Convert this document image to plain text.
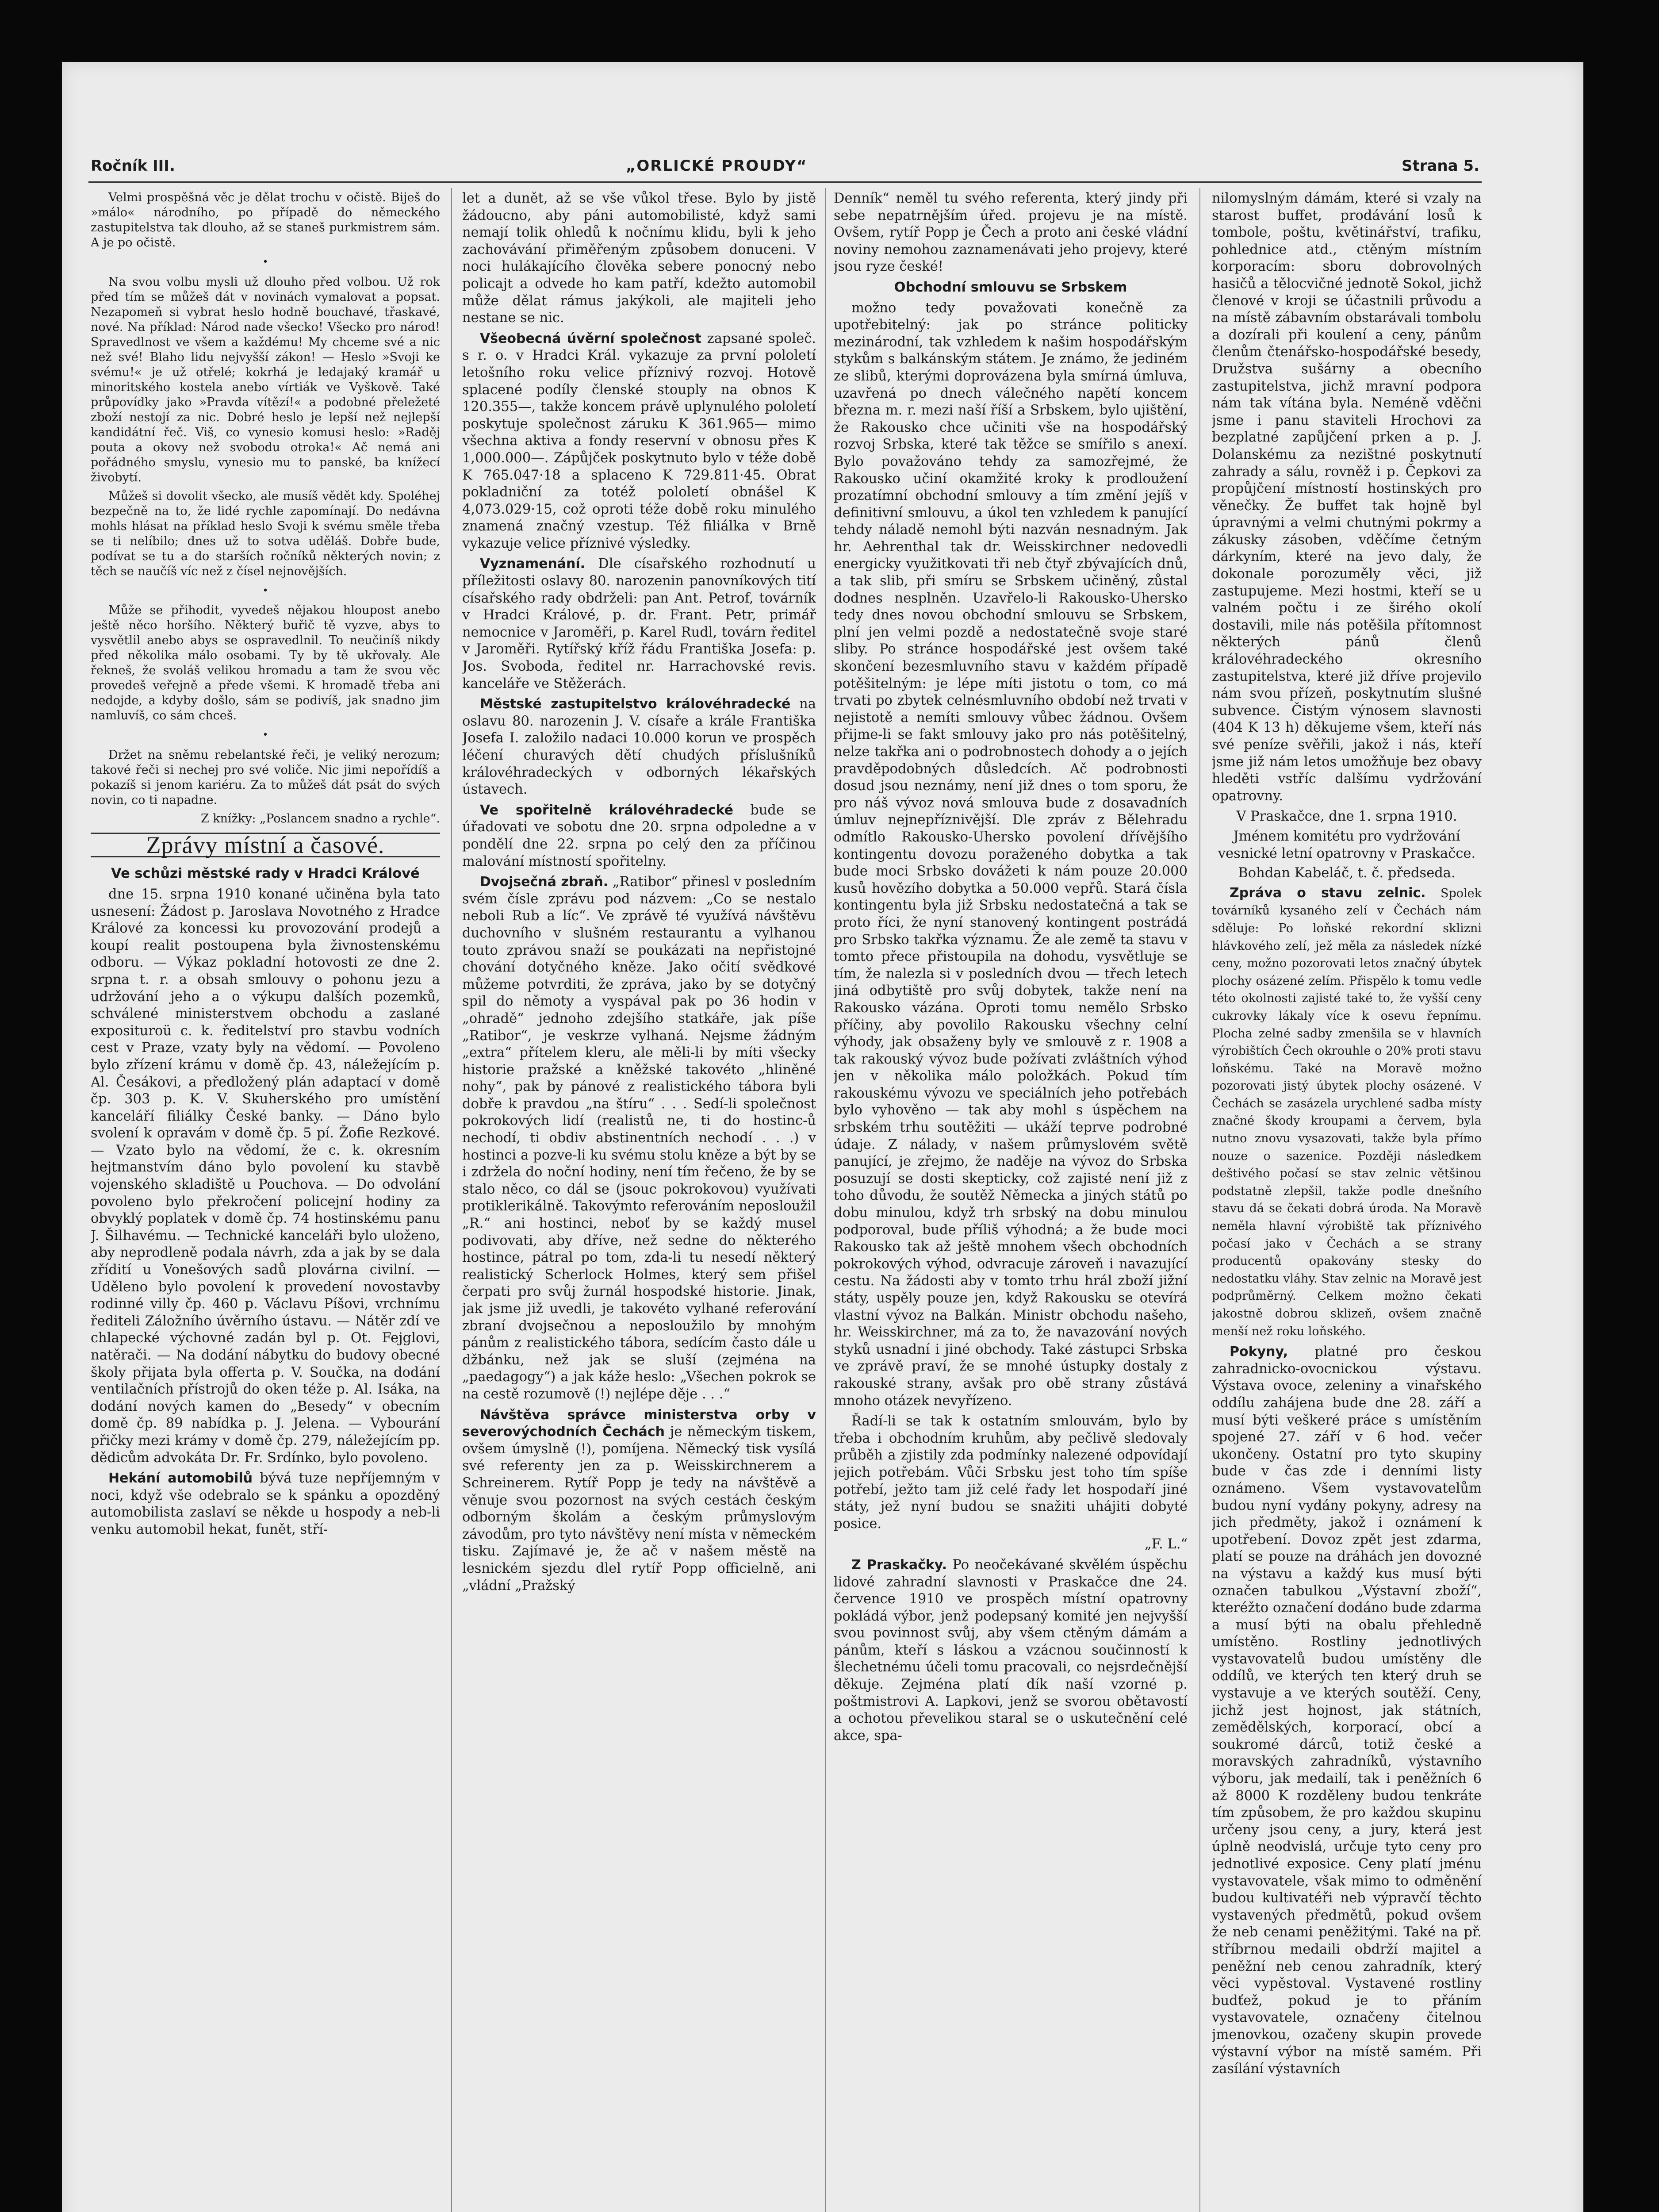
Ročník III.	„ORLICKÉ PROUDY“	Strana 5.

Velmi prospěšná věc je dělat trochu v očistě. Biješ do »málo« národního, po případě do německého zastupitelstva tak dlouho, až se staneš purkmistrem sám. A je po očistě.

•

Na svou volbu mysli už dlouho před volbou. Už rok před tím se můžeš dát v novinách vymalovat a popsat. Nezapomeň si vybrat heslo hodně bouchavé, třaskavé, nové. Na příklad: Národ nade všecko! Všecko pro národ! Spravedlnost ve všem a každému! My chceme své a nic než své! Blaho lidu nejvyšší zákon! — Heslo »Svoji ke svému!« je už otřelé; kokrhá je ledajaký kramář u minoritského kostela anebo vírtiák ve Vyškově. Také průpovídky jako »Pravda vítězí!« a podobné přeležeté zboží nestojí za nic. Dobré heslo je lepší než nejlepší kandidátní řeč. Viš, co vynesio komusi heslo: »Raděj pouta a okovy než svobodu otroka!« Ač nemá ani pořádného smyslu, vynesio mu to panské, ba knížecí živobytí.

Můžeš si dovolit všecko, ale musíš vědět kdy. Spoléhej bezpečně na to, že lidé rychle zapomínají. Do nedávna mohls hlásat na příklad heslo Svoji k svému směle třeba se ti nelíbilo; dnes už to sotva uděláš. Dobře bude, podívat se tu a do starších ročníků některých novin; z těch se naučíš víc než z čísel nejnovějších.

•

Může se přihodit, vyvedeš nějakou hloupost anebo ještě něco horšího. Některý buřič tě vyzve, abys to vysvětlil anebo abys se ospravedlnil. To neučiníš nikdy před několika málo osobami. Ty by tě ukřovaly. Ale řekneš, že svoláš velikou hromadu a tam že svou věc provedeš veřejně a přede všemi. K hromadě třeba ani nedojde, a kdyby došlo, sám se podivíš, jak snadno jim namluvíš, co sám chceš.

•

Držet na sněmu rebelantské řeči, je veliký nerozum; takové řeči si nechej pro své voliče. Nic jimi nepořídíš a pokazíš si jenom kariéru. Za to můžeš dát psát do svých novin, co ti napadne.

Z knížky: „Poslancem snadno a rychle“.

Zprávy místní a časové.

Ve schůzi městské rady v Hradci Králové

dne 15. srpna 1910 konané učiněna byla tato usnesení: Žádost p. Jaroslava Novotného z Hradce Králové za koncessi ku provozování prodejů a koupí realit postoupena byla živnostenskému odboru. — Výkaz pokladní hotovosti ze dne 2. srpna t. r. a obsah smlouvy o pohonu jezu a udržování jeho a o výkupu dalších pozemků, schválené ministerstvem obchodu a zaslané exposituroü c. k. ředitelství pro stavbu vodních cest v Praze, vzaty byly na vědomí. — Povoleno bylo zřízení krámu v domě čp. 43, náležejícím p. Al. Česákovi, a předložený plán adaptací v domě čp. 303 p. K. V. Skuherského pro umístění kanceláří filiálky České banky. — Dáno bylo svolení k opravám v domě čp. 5 pí. Žofie Rezkové. — Vzato bylo na vědomí, že c. k. okresním hejtmanstvím dáno bylo povolení ku stavbě vojenského skladiště u Pouchova. — Do odvolání povoleno bylo překročení policejní hodiny za obvyklý poplatek v domě čp. 74 hostinskému panu J. Šilhavému. — Technické kanceláři bylo uloženo, aby neprodleně podala návrh, zda a jak by se dala zřídití u Vonešových sadů plovárna civilní. — Uděleno bylo povolení k provedení novostavby rodinné villy čp. 460 p. Václavu Píšovi, vrchnímu řediteli Záložního úvěrního ústavu. — Nátěr zdí ve chlapecké výchovné zadán byl p. Ot. Fejglovi, natěrači. — Na dodání nábytku do budovy obecné školy přijata byla offerta p. V. Součka, na dodání ventilačních přístrojů do oken téže p. Al. Isáka, na dodání nových kamen do „Besedy“ v obecním domě čp. 89 nabídka p. J. Jelena. — Vybourání přičky mezi krámy v domě čp. 279, náležejícím pp. dědicům advokáta Dr. Fr. Srdínko, bylo povoleno.

Hekání automobilů bývá tuze nepříjemným v noci, když vše odebralo se k spánku a opozděný automobilista zaslaví se někde u hospody a neb-li venku automobil hekat, funět, stří-

let a dunět, až se vše vůkol třese. Bylo by jistě žádoucno, aby páni automobilisté, když sami nemají tolik ohledů k nočnímu klidu, byli k jeho zachovávání přiměřeným způsobem donuceni. V noci hulákajícího člověka sebere ponocný nebo policajt a odvede ho kam patří, kdežto automobil může dělat rámus jakýkoli, ale majiteli jeho nestane se nic.

Všeobecná úvěrní společnost zapsané společ. s r. o. v Hradci Král. vykazuje za první pololetí letošního roku velice příznivý rozvoj. Hotově splacené podíly členské stouply na obnos K 120.355—, takže koncem právě uplynulého pololetí poskytuje společnost záruku K 361.965— mimo všechna aktiva a fondy reservní v obnosu přes K 1,000.000—. Zápůjček poskytnuto bylo v téže době K 765.047·18 a splaceno K 729.811·45. Obrat pokladniční za totéž pololetí obnášel K 4,073.029·15, což oproti téže době roku minulého znamená značný vzestup. Též filiálka v Brně vykazuje velice příznivé výsledky.

Vyznamenání. Dle císařského rozhodnutí u příležitosti oslavy 80. narozenin panovníkových tití císařského rady obdrželi: pan Ant. Petrof, továrník v Hradci Králové, p. dr. Frant. Petr, primář nemocnice v Jaroměři, p. Karel Rudl, továrn ředitel v Jaroměři. Rytířský kříž řádu Františka Josefa: p. Jos. Svoboda, ředitel nr. Harrachovské revis. kanceláře ve Stěžerách.

Městské zastupitelstvo královéhradecké na oslavu 80. narozenin J. V. císaře a krále Františka Josefa I. založilo nadaci 10.000 korun ve prospěch léčení churavých dětí chudých příslušníků královéhradeckých v odborných lékařských ústavech.

Ve spořitelně královéhradecké bude se úřadovati ve sobotu dne 20. srpna odpoledne a v pondělí dne 22. srpna po celý den za příčinou malování místností spořitelny.

Dvojsečná zbraň. „Ratibor“ přinesl v posledním svém čísle zprávu pod názvem: „Co se nestalo neboli Rub a líc“. Ve zprávě té využívá návštěvu duchovního v slušném restaurantu a vylhanou touto zprávou snaží se poukázati na nepřistojné chování dotyčného kněze. Jako očití svědkové můžeme potvrditi, že zpráva, jako by se dotyčný spil do němoty a vyspával pak po 36 hodin v „ohradě“ jednoho zdejšího statkáře, jak píše „Ratibor“, je veskrze vylhaná. Nejsme žádným „extra“ přítelem kleru, ale měli-li by míti všecky historie pražské a kněžské takovéto „hliněné nohy“, pak by pánové z realistického tábora byli dobře k pravdou „na štíru“ . . . Sedí-li společnost pokrokových lidí (realistů ne, ti do hostinc-ů nechodí, ti obdiv abstinentních nechodí . . .) v hostinci a pozve-li ku svému stolu kněze a být by se i zdržela do noční hodiny, není tím řečeno, že by se stalo něco, co dál se (jsouc pokrokovou) využívati protiklerikálně. Takovýmto referováním neposloužil „R.“ ani hostinci, neboť by se každý musel podivovati, aby dříve, než sedne do některého hostince, pátral po tom, zda-li tu nesedí některý realistický Scherlock Holmes, který sem přišel čerpati pro svůj žurnál hospodské historie. Jinak, jak jsme již uvedli, je takovéto vylhané referování zbraní dvojsečnou a neposloužilo by mnohým pánům z realistického tábora, sedícím často dále u džbánku, než jak se sluší (zejména na „paedagogy“) a jak káže heslo: „Všechen pokrok se na cestě rozumově (!) nejlépe děje . . .“

Návštěva správce ministerstva orby v severovýchodních Čechách je německým tiskem, ovšem úmyslně (!), pomíjena. Německý tisk vysílá své referenty jen za p. Weisskirchnerem a Schreinerem. Rytíř Popp je tedy na návštěvě a věnuje svou pozornost na svých cestách českým odborným školám a českým průmyslovým závodům, pro tyto návštěvy není místa v německém tisku. Zajímavé je, že ač v našem městě na lesnickém sjezdu dlel rytíř Popp officielně, ani „vládní „Pražský

Denník“ neměl tu svého referenta, který jindy při sebe nepatrnějším úřed. projevu je na místě. Ovšem, rytíř Popp je Čech a proto ani české vládní noviny nemohou zaznamenávati jeho projevy, které jsou ryze české!

Obchodní smlouvu se Srbskem

možno tedy považovati konečně za upotřebitelný: jak po stránce politicky mezinárodní, tak vzhledem k našim hospodářským stykům s balkánským státem. Je známo, že jediném ze slibů, kterými doprovázena byla smírná úmluva, uzavřená po dnech válečného napětí koncem března m. r. mezi naší říší a Srbskem, bylo ujištění, že Rakousko chce učiniti vše na hospodářský rozvoj Srbska, které tak těžce se smířilo s anexí. Bylo považováno tehdy za samozřejmé, že Rakousko učiní okamžité kroky k prodloužení prozatímní obchodní smlouvy a tím změní jejíš v definitivní smlouvu, a úkol ten vzhledem k panující tehdy náladě nemohl býti nazván nesnadným. Jak hr. Aehrenthal tak dr. Weisskirchner nedovedli energicky využitkovati tři neb čtyř zbývajících dnů, a tak slib, při smíru se Srbskem učiněný, zůstal dodnes nesplněn. Uzavřelo-li Rakousko-Uhersko tedy dnes novou obchodní smlouvu se Srbskem, plní jen velmi pozdě a nedostatečně svoje staré sliby. Po stránce hospodářské jest ovšem také skončení bezesmluvního stavu v každém případě potěšitelným: je lépe míti jistotu o tom, co má trvati po zbytek celnésmluvního období než trvati v nejistotě a nemíti smlouvy vůbec žádnou. Ovšem přijme-li se fakt smlouvy jako pro nás potěšitelný, nelze takřka ani o podrobnostech dohody a o jejích pravděpodobných důsledcích. Ač podrobnosti dosud jsou neznámy, není již dnes o tom sporu, že pro náš vývoz nová smlouva bude z dosavadních úmluv nejnepříznivější. Dle zpráv z Bělehradu odmítlo Rakousko-Uhersko povolení dřívějšího kontingentu dovozu poraženého dobytka a tak bude moci Srbsko dovážeti k nám pouze 20.000 kusů hovězího dobytka a 50.000 vepřů. Stará čísla kontingentu byla již Srbsku nedostatečná a tak se proto říci, že nyní stanovený kontingent postrádá pro Srbsko takřka významu. Že ale země ta stavu v tomto přece přistoupila na dohodu, vysvětluje se tím, že nalezla si v posledních dvou — třech letech jiná odbytiště pro svůj dobytek, takže není na Rakousko vázána. Oproti tomu nemělo Srbsko příčiny, aby povolilo Rakousku všechny celní výhody, jak obsaženy byly ve smlouvě z r. 1908 a tak rakouský vývoz bude požívati zvláštních výhod jen v několika málo položkách. Pokud tím rakouskému vývozu ve speciálních jeho potřebách bylo vyhověno — tak aby mohl s úspěchem na srbském trhu soutěžiti — ukáží teprve podrobné údaje. Z nálady, v našem průmyslovém světě panující, je zřejmo, že naděje na vývoz do Srbska posuzují se dosti skepticky, což zajisté není již z toho důvodu, že soutěž Německa a jiných států po dobu minulou, když trh srbský na dobu minulou podporoval, bude příliš výhodná; a že bude moci Rakousko tak až ještě mnohem všech obchodních pokrokových výhod, odvracuje zároveň i navazující cestu. Na žádosti aby v tomto trhu hrál zboží jižní státy, uspěly pouze jen, když Rakousku se otevírá vlastní vývoz na Balkán. Ministr obchodu našeho, hr. Weisskirchner, má za to, že navazování nových styků usnadní i jiné obchody. Také zástupci Srbska ve zprávě praví, že se mnohé ústupky dostaly z rakouské strany, avšak pro obě strany zůstává mnoho otázek nevyřízeno.

Řadí-li se tak k ostatním smlouvám, bylo by třeba i obchodním kruhům, aby pečlivě sledovaly průběh a zjistily zda podmínky nalezené odpovídají jejich potřebám. Vůči Srbsku jest toho tím spíše potřebí, ježto tam již celé řady let hospodaří jiné státy, jež nyní budou se snažiti uhájiti dobyté posice.

„F. L.“

Z Praskačky. Po neočekávané skvělém úspěchu lidové zahradní slavnosti v Praskačce dne 24. července 1910 ve prospěch místní opatrovny pokládá výbor, jenž podepsaný komité jen nejvyšší svou povinnost svůj, aby všem ctěným dámám a pánům, kteří s láskou a vzácnou součinností k šlechetnému účeli tomu pracovali, co nejsrdečnější děkuje. Zejména platí dík naší vzorné p. poštmistrovi A. Lapkovi, jenž se svorou obětavostí a ochotou převelikou staral se o uskutečnění celé akce, spa-

nilomyslným dámám, které si vzaly na starost buffet, prodávání losů k tombole, poštu, květinářství, trafiku, pohlednice atd., ctěným místním korporacím: sboru dobrovolných hasičů a tělocvičné jednotě Sokol, jichž členové v kroji se účastnili průvodu a na místě zábavním obstarávali tombolu a dozírali při koulení a ceny, pánům členům čtenářsko-hospodářské besedy, Družstva sušárny a obecního zastupitelstva, jichž mravní podpora nám tak vítána byla. Neméně vděčni jsme i panu staviteli Hrochovi za bezplatné zapůjčení prken a p. J. Dolanskému za nezištné poskytnutí zahrady a sálu, rovněž i p. Čepkovi za propůjčení místností hostinských pro věnečky. Že buffet tak hojně byl úpravnými a velmi chutnými pokrmy a zákusky zásoben, vděčíme četným dárkyním, které na jevo daly, že dokonale porozuměly věci, již zastupujeme. Mezi hostmi, kteří se u valném počtu i ze širého okolí dostavili, mile nás potěšila přítomnost některých pánů členů královéhradeckého okresního zastupitelstva, které již dříve projevilo nám svou přízeň, poskytnutím slušné subvence. Čistým výnosem slavnosti (404 K 13 h) děkujeme všem, kteří nás své peníze svěřili, jakož i nás, kteří jsme již nám letos umožňuje bez obavy hleděti vstříc dalšímu vydržování opatrovny.

V Praskačce, dne 1. srpna 1910.

Jménem komitétu pro vydržování vesnické letní opatrovny v Praskačce.

Bohdan Kabeláč, t. č. předseda.

Zpráva o stavu zelnic. Spolek továrníků kysaného zelí v Čechách nám sděluje: Po loňské rekordní sklizni hlávkového zelí, jež měla za následek nízké ceny, možno pozorovati letos značný úbytek plochy osázené zelím. Přispělo k tomu vedle této okolnosti zajisté také to, že vyšší ceny cukrovky lákaly více k osevu řepnímu. Plocha zelné sadby zmenšila se v hlavních výrobištích Čech okrouhle o 20% proti stavu loňskému. Také na Moravě možno pozorovati jistý úbytek plochy osázené. V Čechách se zasázela urychlené sadba místy značné škody kroupami a červem, byla nutno znovu vysazovati, takže byla přímo nouze o sazenice. Později následkem deštivého počasí se stav zelnic většinou podstatně zlepšil, takže podle dnešního stavu dá se čekati dobrá úroda. Na Moravě neměla hlavní výrobiště tak příznivého počasí jako v Čechách a se strany producentů opakovány stesky do nedostatku vláhy. Stav zelnic na Moravě jest podprůměrný. Celkem možno čekati jakostně dobrou sklizeň, ovšem značně menší než roku loňského.

Pokyny, platné pro českou zahradnicko-ovocnickou výstavu. Výstava ovoce, zeleniny a vinařského oddílu zahájena bude dne 28. září a musí býti veškeré práce s umístěním spojené 27. září v 6 hod. večer ukončeny. Ostatní pro tyto skupiny bude v čas zde i denními listy oznámeno. Všem vystavovatelům budou nyní vydány pokyny, adresy na jich předměty, jakož i oznámení k upotřebení. Dovoz zpět jest zdarma, platí se pouze na dráhách jen dovozné na výstavu a každý kus musí býti označen tabulkou „Výstavní zboží“, kteréžto označení dodáno bude zdarma a musí býti na obalu přehledně umístěno. Rostliny jednotlivých vystavovatelů budou umístěny dle oddílů, ve kterých ten který druh se vystavuje a ve kterých soutěží. Ceny, jichž jest hojnost, jak státních, zemědělských, korporací, obcí a soukromé dárců, totiž české a moravských zahradníků, výstavního výboru, jak medailí, tak i peněžních 6 až 8000 K rozděleny budou tenkráte tím způsobem, že pro každou skupinu určeny jsou ceny, a jury, která jest úplně neodvislá, určuje tyto ceny pro jednotlivé exposice. Ceny platí jménu vystavovatele, však mimo to odměnění budou kultivatéři neb výpravčí těchto vystavených předmětů, pokud ovšem že neb cenami peněžitými. Také na př. stříbrnou medaili obdrží majitel a peněžní neb cenou zahradník, který věci vypěstoval. Vystavené rostliny budťež, pokud je to přáním vystavovatele, označeny čitelnou jmenovkou, ozačeny skupin provede výstavní výbor na místě samém. Při zasílání výstavních
